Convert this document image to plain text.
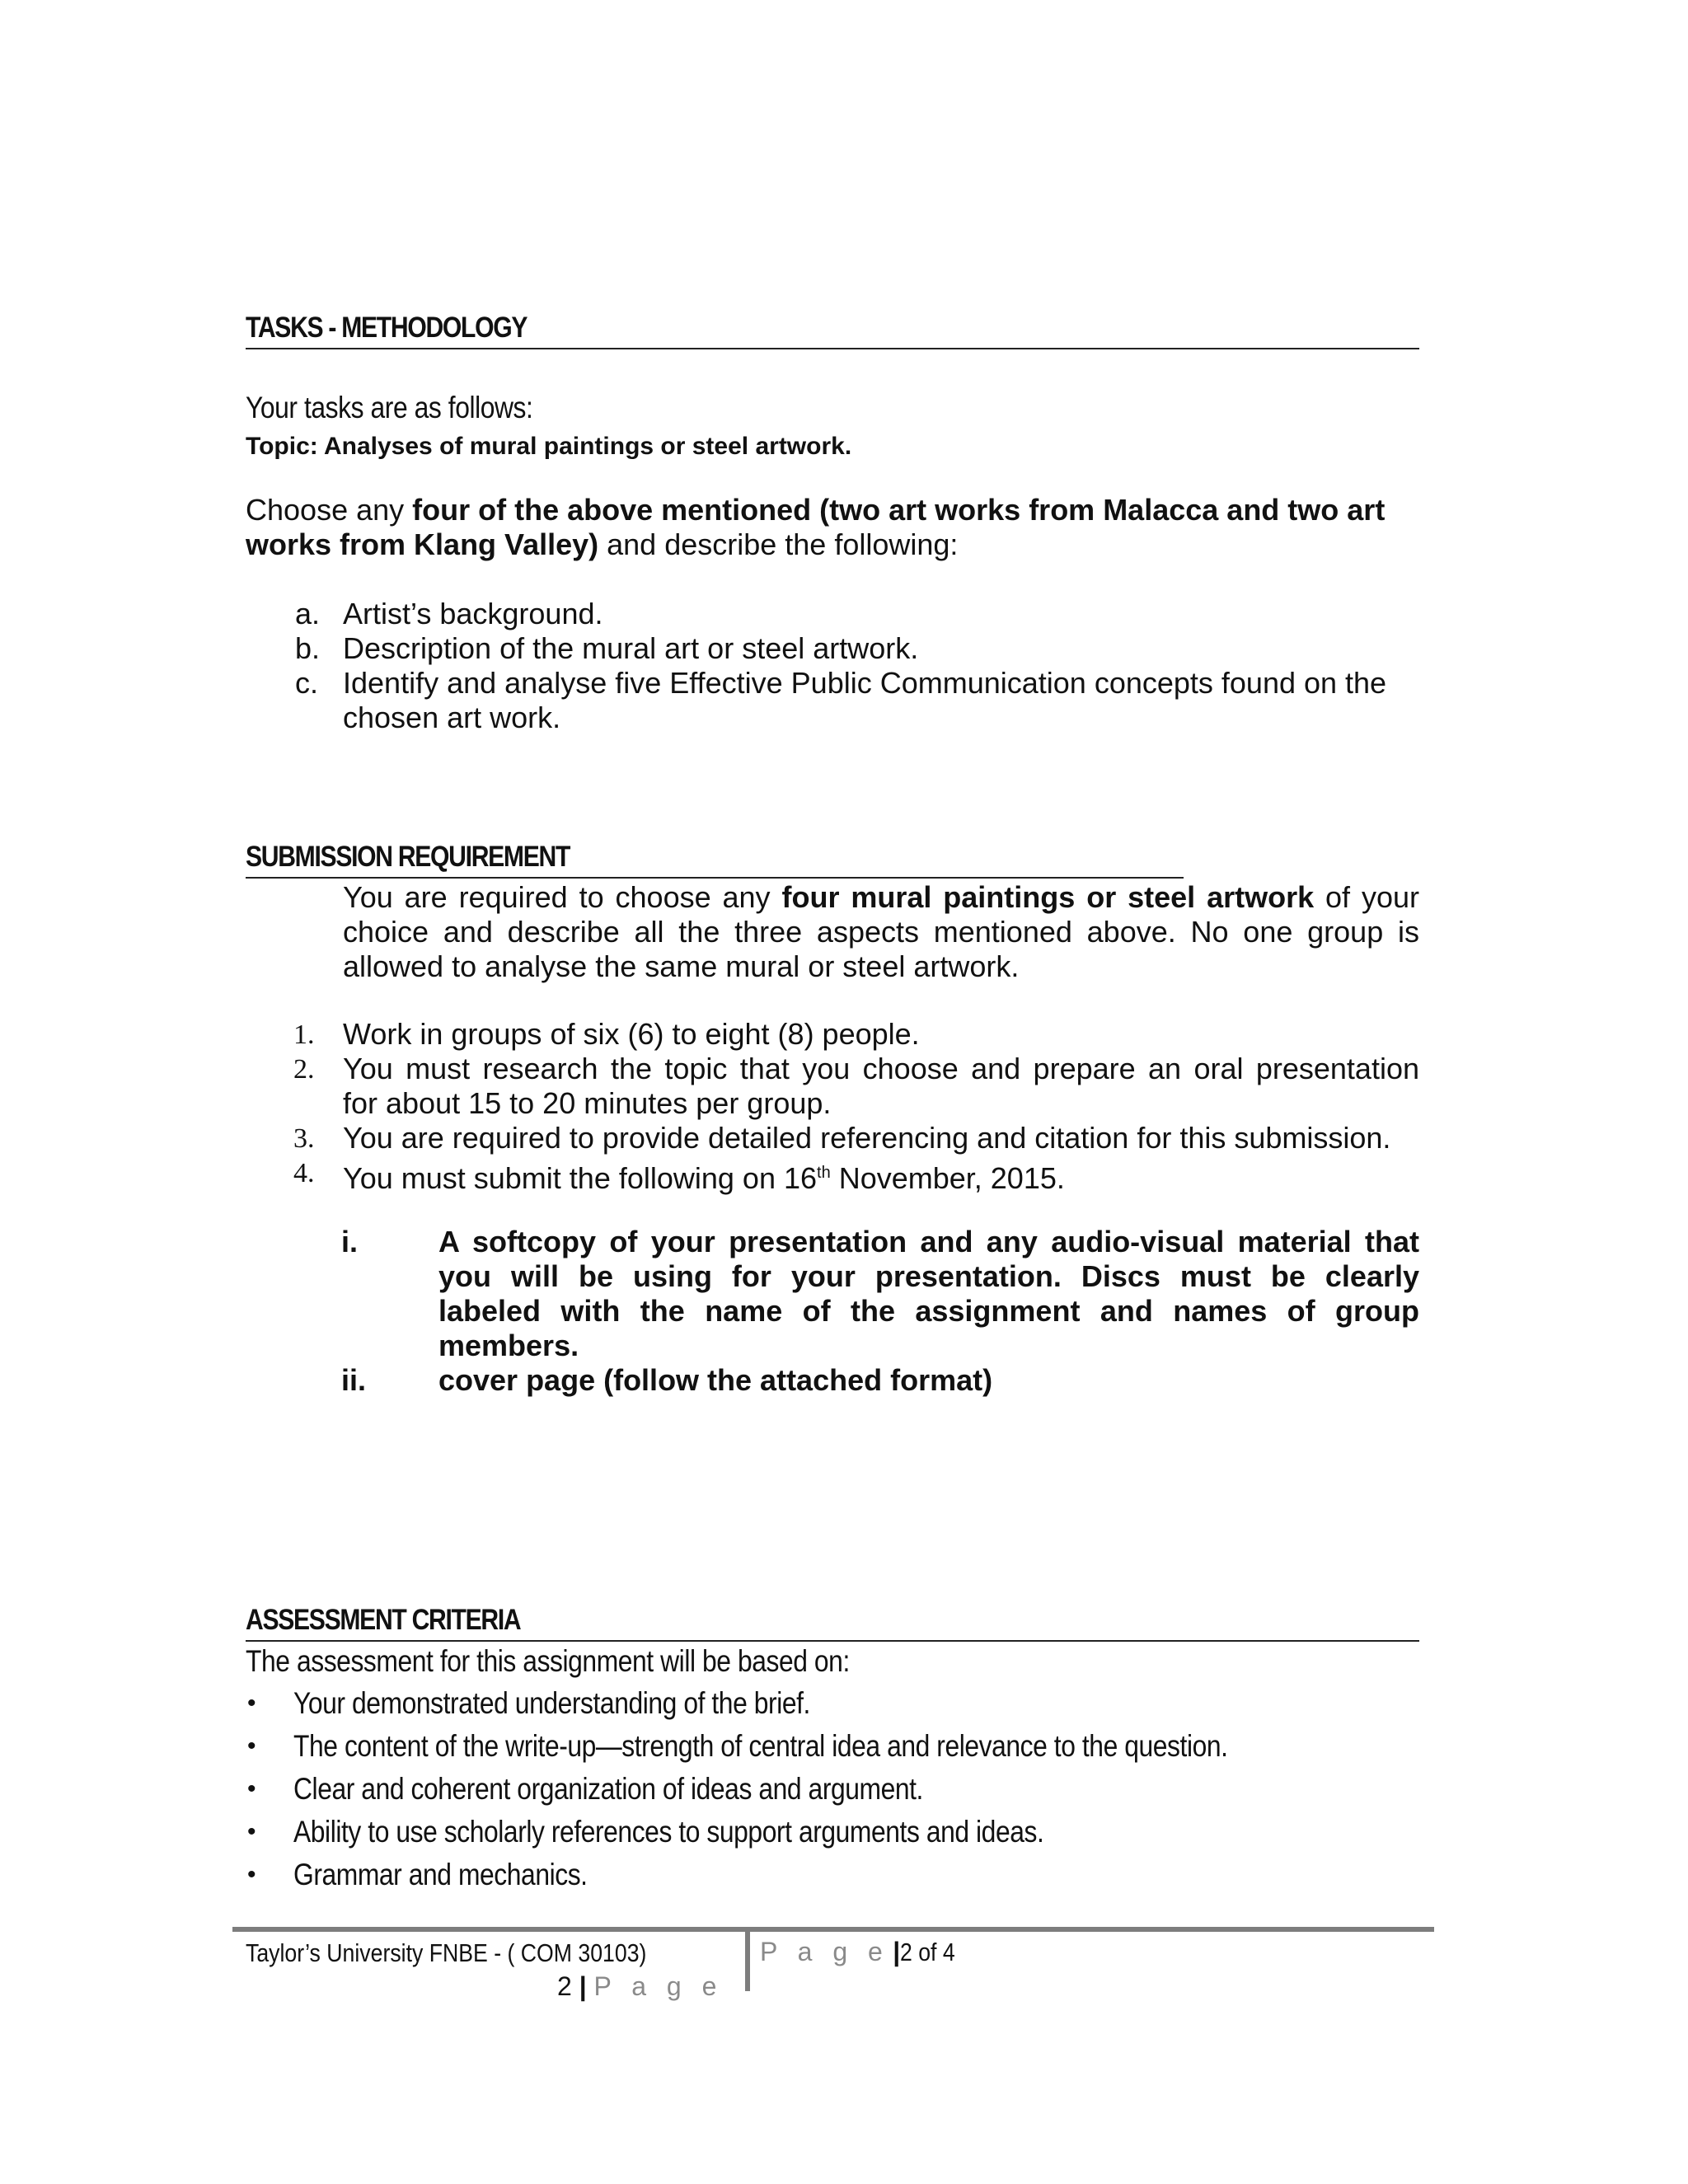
TASKS - METHODOLOGY
Your tasks are as follows:
Topic: Analyses of mural paintings or steel artwork.
Choose any four of the above mentioned (two art works from Malacca and two art
works from Klang Valley) and describe the following:
a. Artist’s background.
b. Description of the mural art or steel artwork.
c. Identify and analyse five Effective Public Communication concepts found on the
chosen art work.
SUBMISSION REQUIREMENT
You are required to choose any four mural paintings or steel artwork of your
choice and describe all the three aspects mentioned above. No one group is
allowed to analyse the same mural or steel artwork.
1. Work in groups of six (6) to eight (8) people.
2. You must research the topic that you choose and prepare an oral presentation
for about 15 to 20 minutes per group.
3. You are required to provide detailed referencing and citation for this submission.
4. You must submit the following on 16th November, 2015.
i.	A softcopy of your presentation and any audio-visual material that
you will be using for your presentation. Discs must be clearly
labeled with the name of the assignment and names of group
members.
ii. cover page (follow the attached format)
ASSESSMENT CRITERIA
The assessment for this assignment will be based on:
• Your demonstrated understanding of the brief.
• The content of the write-up—strength of central idea and relevance to the question.
• Clear and coherent organization of ideas and argument.
• Ability to use scholarly references to support arguments and ideas.
• Grammar and mechanics.
Taylor’s University FNBE - ( COM 30103)
2 | P a g e
P a g e |2 of 4
